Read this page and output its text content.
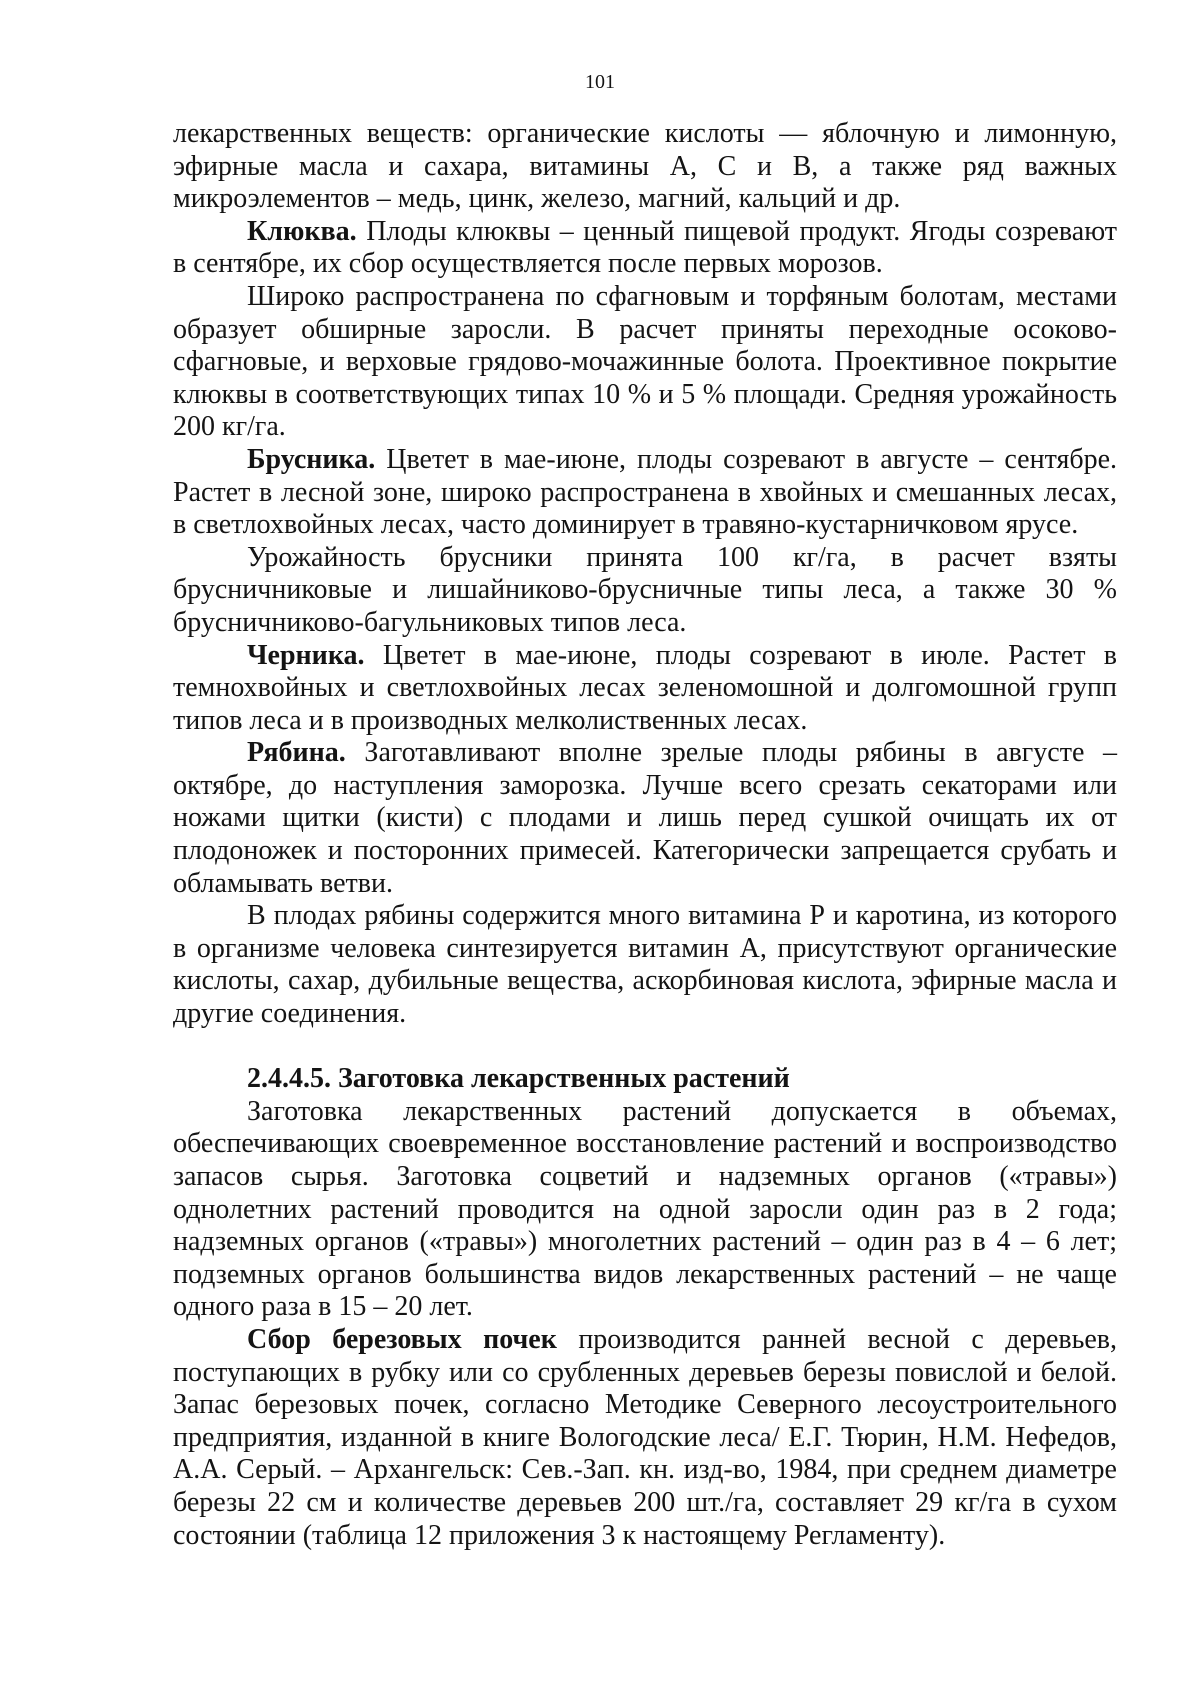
101

лекарственных веществ: органические кислоты — яблочную и лимонную, эфирные масла и сахара, витамины А, С и В, а также ряд важных микроэлементов – медь, цинк, железо, магний, кальций и др.

Клюква. Плоды клюквы – ценный пищевой продукт. Ягоды созревают в сентябре, их сбор осуществляется после первых морозов.

Широко распространена по сфагновым и торфяным болотам, местами образует обширные заросли. В расчет приняты переходные осоково-сфагновые, и верховые грядово-мочажинные болота. Проективное покрытие клюквы в соответствующих типах 10 % и 5 % площади. Средняя урожайность 200 кг/га.

Брусника. Цветет в мае-июне, плоды созревают в августе – сентябре. Растет в лесной зоне, широко распространена в хвойных и смешанных лесах, в светлохвойных лесах, часто доминирует в травяно-кустарничковом ярусе.

Урожайность брусники принята 100 кг/га, в расчет взяты брусничниковые и лишайниково-брусничные типы леса, а также 30 % брусничниково-багульниковых типов леса.

Черника. Цветет в мае-июне, плоды созревают в июле. Растет в темнохвойных и светлохвойных лесах зеленомошной и долгомошной групп типов леса и в производных мелколиственных лесах.

Рябина. Заготавливают вполне зрелые плоды рябины в августе – октябре, до наступления заморозка. Лучше всего срезать секаторами или ножами щитки (кисти) с плодами и лишь перед сушкой очищать их от плодоножек и посторонних примесей. Категорически запрещается срубать и обламывать ветви.

В плодах рябины содержится много витамина Р и каротина, из которого в организме человека синтезируется витамин А, присутствуют органические кислоты, сахар, дубильные вещества, аскорбиновая кислота, эфирные масла и другие соединения.

2.4.4.5. Заготовка лекарственных растений

Заготовка лекарственных растений допускается в объемах, обеспечивающих своевременное восстановление растений и воспроизводство запасов сырья. Заготовка соцветий и надземных органов («травы») однолетних растений проводится на одной заросли один раз в 2 года; надземных органов («травы») многолетних растений – один раз в 4 – 6 лет; подземных органов большинства видов лекарственных растений – не чаще одного раза в 15 – 20 лет.

Сбор березовых почек производится ранней весной с деревьев, поступающих в рубку или со срубленных деревьев березы повислой и белой. Запас березовых почек, согласно Методике Северного лесоустроительного предприятия, изданной в книге Вологодские леса/ Е.Г. Тюрин, Н.М. Нефедов, А.А. Серый. – Архангельск: Сев.-Зап. кн. изд-во, 1984, при среднем диаметре березы 22 см и количестве деревьев 200 шт./га, составляет 29 кг/га в сухом состоянии (таблица 12 приложения 3 к настоящему Регламенту).
